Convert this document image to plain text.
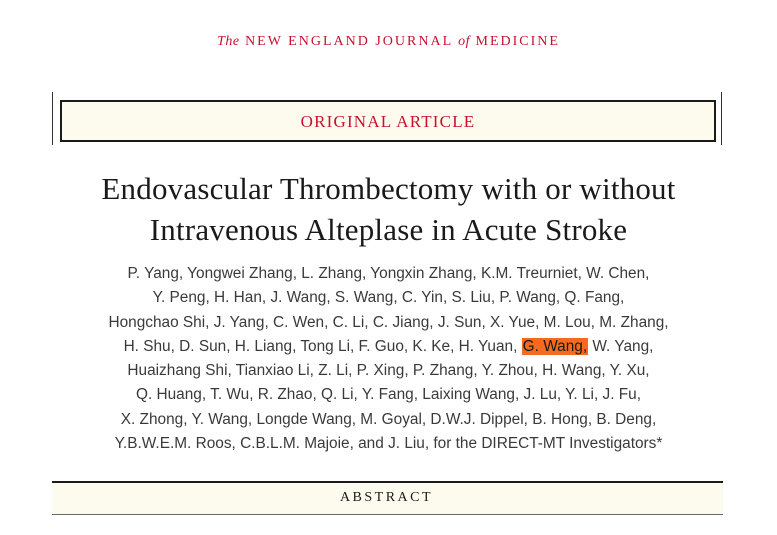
The NEW ENGLAND JOURNAL of MEDICINE
ORIGINAL ARTICLE
Endovascular Thrombectomy with or without
Intravenous Alteplase in Acute Stroke
P. Yang, Yongwei Zhang, L. Zhang, Yongxin Zhang, K.M. Treurniet, W. Chen,
Y. Peng, H. Han, J. Wang, S. Wang, C. Yin, S. Liu, P. Wang, Q. Fang,
Hongchao Shi, J. Yang, C. Wen, C. Li, C. Jiang, J. Sun, X. Yue, M. Lou, M. Zhang,
H. Shu, D. Sun, H. Liang, Tong Li, F. Guo, K. Ke, H. Yuan, G. Wang, W. Yang,
Huaizhang Shi, Tianxiao Li, Z. Li, P. Xing, P. Zhang, Y. Zhou, H. Wang, Y. Xu,
Q. Huang, T. Wu, R. Zhao, Q. Li, Y. Fang, Laixing Wang, J. Lu, Y. Li, J. Fu,
X. Zhong, Y. Wang, Longde Wang, M. Goyal, D.W.J. Dippel, B. Hong, B. Deng,
Y.B.W.E.M. Roos, C.B.L.M. Majoie, and J. Liu, for the DIRECT-MT Investigators*
ABSTRACT
